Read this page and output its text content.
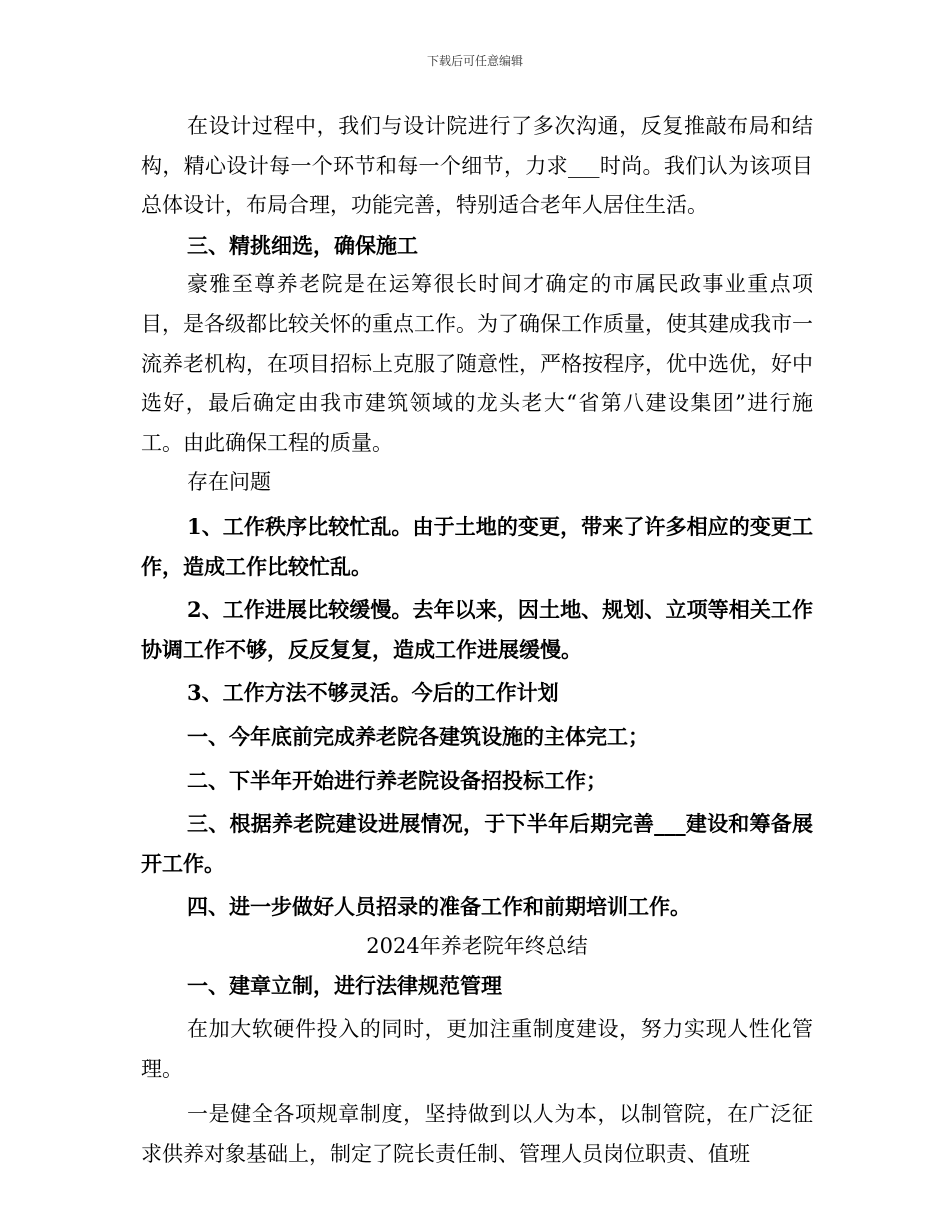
下载后可任意编辑

在设计过程中，我们与设计院进行了多次沟通，反复推敲布局和结构，精心设计每一个环节和每一个细节，力求___时尚。我们认为该项目总体设计，布局合理，功能完善，特别适合老年人居住生活。

三、精挑细选，确保施工

豪雅至尊养老院是在运筹很长时间才确定的市属民政事业重点项目，是各级都比较关怀的重点工作。为了确保工作质量，使其建成我市一流养老机构，在项目招标上克服了随意性，严格按程序，优中选优，好中选好，最后确定由我市建筑领域的龙头老大“省第八建设集团”进行施工。由此确保工程的质量。

存在问题

1、工作秩序比较忙乱。由于土地的变更，带来了许多相应的变更工作，造成工作比较忙乱。

2、工作进展比较缓慢。去年以来，因土地、规划、立项等相关工作协调工作不够，反反复复，造成工作进展缓慢。

3、工作方法不够灵活。今后的工作计划

一、今年底前完成养老院各建筑设施的主体完工；

二、下半年开始进行养老院设备招投标工作；

三、根据养老院建设进展情况，于下半年后期完善___建设和筹备展开工作。

四、进一步做好人员招录的准备工作和前期培训工作。

2024年养老院年终总结

一、建章立制，进行法律规范管理

在加大软硬件投入的同时，更加注重制度建设，努力实现人性化管理。

一是健全各项规章制度，坚持做到以人为本，以制管院，在广泛征求供养对象基础上，制定了院长责任制、管理人员岗位职责、值班
